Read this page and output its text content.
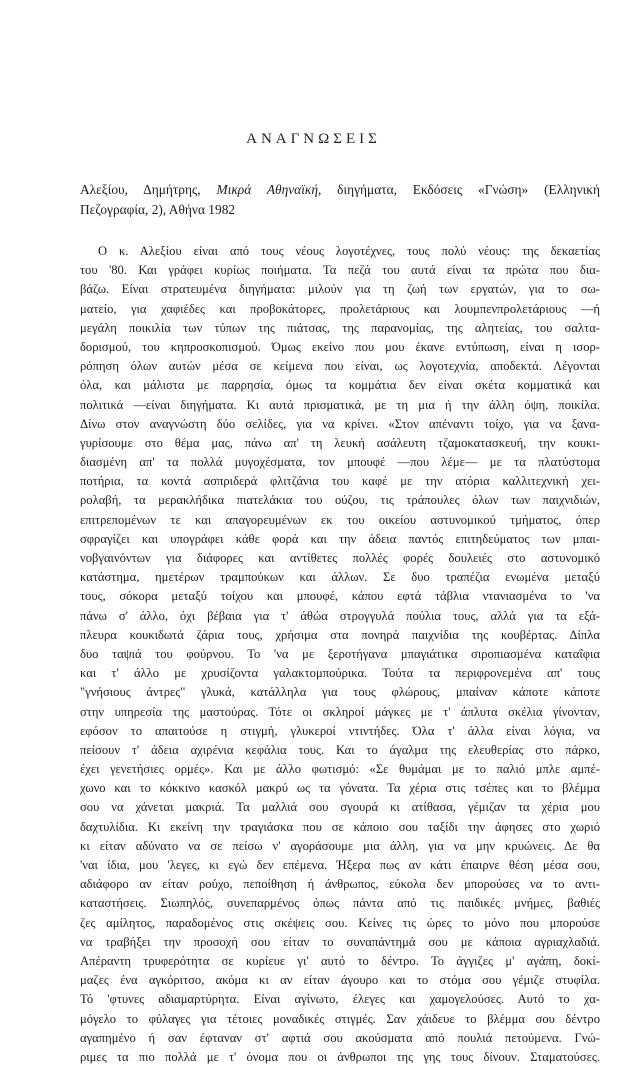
ΑΝΑΓΝΩΣΕΙΣ
Αλεξίου, Δημήτρης, Μικρά Αθηναϊκή, διηγήματα, Εκδόσεις «Γνώση» (Ελληνική
Πεζογραφία, 2), Αθήνα 1982
Ο κ. Αλεξίου είναι από τους νέους λογοτέχνες, τους πολύ νέους: της δεκαετίας
του '80. Και γράφει κυρίως ποιήματα. Τα πεζά του αυτά είναι τα πρώτα που δια-
βάζω. Είναι στρατευμένα διηγήματα: μιλούν για τη ζωή των εργατών, για το σω-
ματείο, για χαφιέδες και προβοκάτορες, προλετάριους και λουμπενπρολετάριους —ή
μεγάλη ποικιλία των τύπων της πιάτσας, της παρανομίας, της αλητείας, του σαλτα-
δορισμού, του κηπροσκοπισμού. Όμως εκείνο που μου έκανε εντύπωση, είναι η ισορ-
ρόπηση όλων αυτών μέσα σε κείμενα που είναι, ως λογοτεχνία, αποδεκτά. Λέγονται
όλα, και μάλιστα με παρρησία, όμως τα κομμάτια δεν είναι σκέτα κομματικά και
πολιτικά —είναι διηγήματα. Κι αυτά πρισματικά, με τη μια ή την άλλη όψη, ποικίλα.
Δίνω στον αναγνώστη δύο σελίδες, για να κρίνει. «Στον απέναντι τοίχο, για να ξανα-
γυρίσουμε στο θέμα μας, πάνω απ' τη λευκή ασάλευτη τζαμοκατασκευή, την κουκι-
διασμένη απ' τα πολλά μυγοχέσματα, τον μπουφέ —που λέμε— με τα πλατύστομα
ποτήρια, τα κοντά ασπριδερά φλιτζάνια του καφέ με την ατόρια καλλιτεχνική χει-
ρολαβή, τα μερακλήδικα πιατελάκια του ούζου, τις τράπουλες όλων των παιχνιδιών,
επιτρεπομένων τε και απαγορευμένων εκ του οικείου αστυνομικού τμήματος, όπερ
σφραγίζει και υπογράφει κάθε φορά και την άδεια παντός επιτηδεύματος των μπαι-
νοβγαινόντων για διάφορες και αντίθετες πολλές φορές δουλειές στο αστυνομικό
κατάστημα, ημετέρων τραμπούκων και άλλων. Σε δυο τραπέζια ενωμένα μεταξύ
τους, σόκορα μεταξύ τοίχου και μπουφέ, κάπου εφτά τάβλια ντανιασμένα το 'να
πάνω σ' άλλο, όχι βέβαια για τ' άθώα στρογγυλά πούλια τους, αλλά για τα εξά-
πλευρα κουκιδωτά ζάρια τους, χρήσιμα στα πονηρά παιχνίδια της κουβέρτας. Δίπλα
δυο ταψιά του φούρνου. Το 'να με ξεροτήγανα μπαγιάτικα σιροπιασμένα καταΐφια
και τ' άλλο με χρυσίζοντα γαλακτομπούρικα. Τούτα τα περιφρονεμένα απ' τους
"γνήσιους άντρες" γλυκά, κατάλληλα για τους φλώρους, μπαίναν κάποτε κάποτε
στην υπηρεσία της μαστούρας. Τότε οι σκληροί μάγκες με τ' άπλυτα σκέλια γίνονταν,
εφόσον το απαιτούσε η στιγμή, γλυκεροί ντιντήδες. Όλα τ' άλλα είναι λόγια, να
πείσουν τ' άδεια αχιρένια κεφάλια τους. Και το άγαλμα της ελευθερίας στο πάρκο,
έχει γενετήσιες ορμές». Και με άλλο φωτισμό: «Σε θυμάμαι με το παλιό μπλε αμπέ-
χωνο και το κόκκινο κασκόλ μακρύ ως τα γόνατα. Τα χέρια στις τσέπες και το βλέμμα
σου να χάνεται μακριά. Τα μαλλιά σου σγουρά κι ατίθασα, γέμιζαν τα χέρια μου
δαχτυλίδια. Κι εκείνη την τραγιάσκα που σε κάποιο σου ταξίδι την άφησες στο χωριό
κι είταν αδύνατο να σε πείσω ν' αγοράσουμε μια άλλη, για να μην κρυώνεις. Δε θα
'ναι ίδια, μου 'λεγες, κι εγώ δεν επέμενα. Ήξερα πως αν κάτι έπαιρνε θέση μέσα σου,
αδιάφορο αν είταν ρούχο, πεποίθηση ή άνθρωπος, εύκολα δεν μπορούσες να το αντι-
καταστήσεις. Σιωπηλός, συνεπαρμένος όπως πάντα από τις παιδικές μνήμες, βαθιές
ζες αμίλητος, παραδομένος στις σκέψεις σου. Κείνες τις ώρες το μόνο που μπορούσε
να τραβήξει την προσοχή σου είταν το συναπάντημά σου με κάποια αγριαχλαδιά.
Απέραντη τρυφερότητα σε κυρίευε γι' αυτό το δέντρο. Το άγγιζες μ' αγάπη, δοκί-
μαζες ένα αγκόριτσο, ακόμα κι αν είταν άγουρο και το στόμα σου γέμιζε στυφίλα.
Τό 'φτυνες αδιαμαρτύρητα. Είναι αγίνωτο, έλεγες και χαμογελούσες. Αυτό το χα-
μόγελο το φύλαγες για τέτοιες μοναδικές στιγμές. Σαν χάιδευε το βλέμμα σου δέντρο
αγαπημένο ή σαν έφταναν στ' αφτιά σου ακούσματα από πουλιά πετούμενα. Γνώ-
ριμες τα πιο πολλά με τ' όνομα που οι άνθρωποι της γης τους δίνουν. Σταματούσες.
